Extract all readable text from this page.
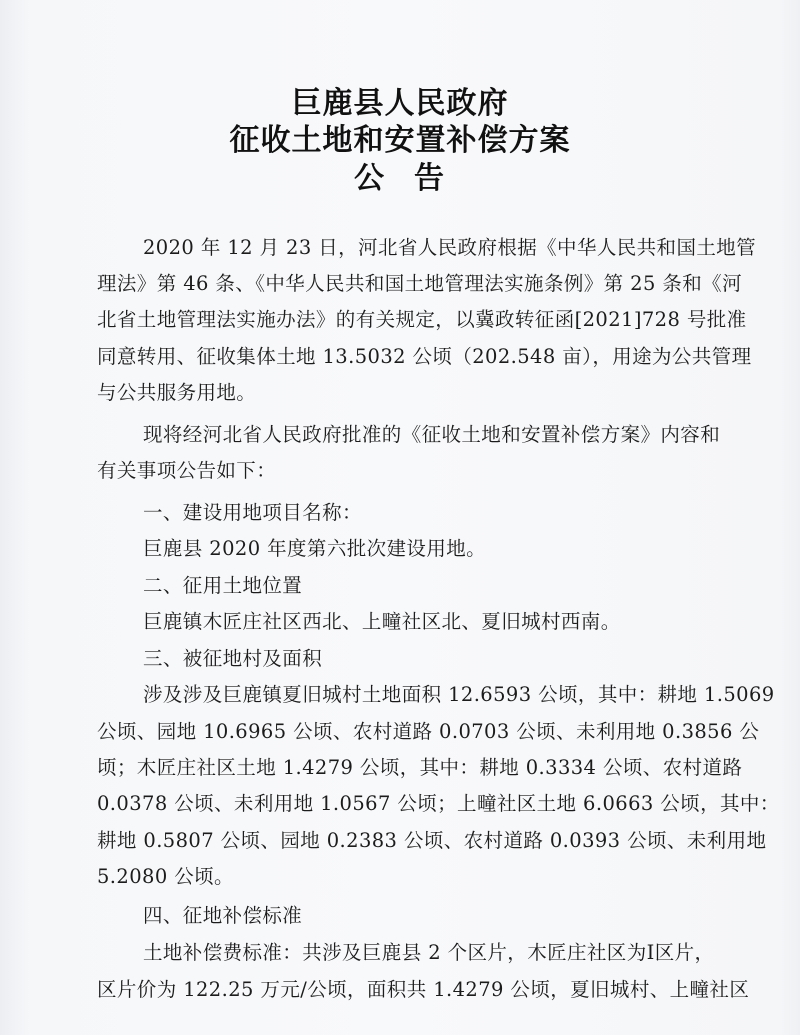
巨鹿县人民政府
征收土地和安置补偿方案
公告
2020 年 12 月 23 日，河北省人民政府根据《中华人民共和国土地管
理法》第 46 条、《中华人民共和国土地管理法实施条例》第 25 条和《河
北省土地管理法实施办法》的有关规定，以冀政转征函[2021]728 号批准
同意转用、征收集体土地 13.5032 公顷（202.548 亩），用途为公共管理
与公共服务用地。
现将经河北省人民政府批准的《征收土地和安置补偿方案》内容和
有关事项公告如下：
一、建设用地项目名称：
巨鹿县 2020 年度第六批次建设用地。
二、征用土地位置
巨鹿镇木匠庄社区西北、上疃社区北、夏旧城村西南。
三、被征地村及面积
涉及涉及巨鹿镇夏旧城村土地面积 12.6593 公顷，其中：耕地 1.5069
公顷、园地 10.6965 公顷、农村道路 0.0703 公顷、未利用地 0.3856 公
顷；木匠庄社区土地 1.4279 公顷，其中：耕地 0.3334 公顷、农村道路
0.0378 公顷、未利用地 1.0567 公顷；上疃社区土地 6.0663 公顷，其中：
耕地 0.5807 公顷、园地 0.2383 公顷、农村道路 0.0393 公顷、未利用地
5.2080 公顷。
四、征地补偿标准
土地补偿费标准：共涉及巨鹿县 2 个区片，木匠庄社区为Ⅰ区片，
区片价为 122.25 万元/公顷，面积共 1.4279 公顷，夏旧城村、上疃社区
